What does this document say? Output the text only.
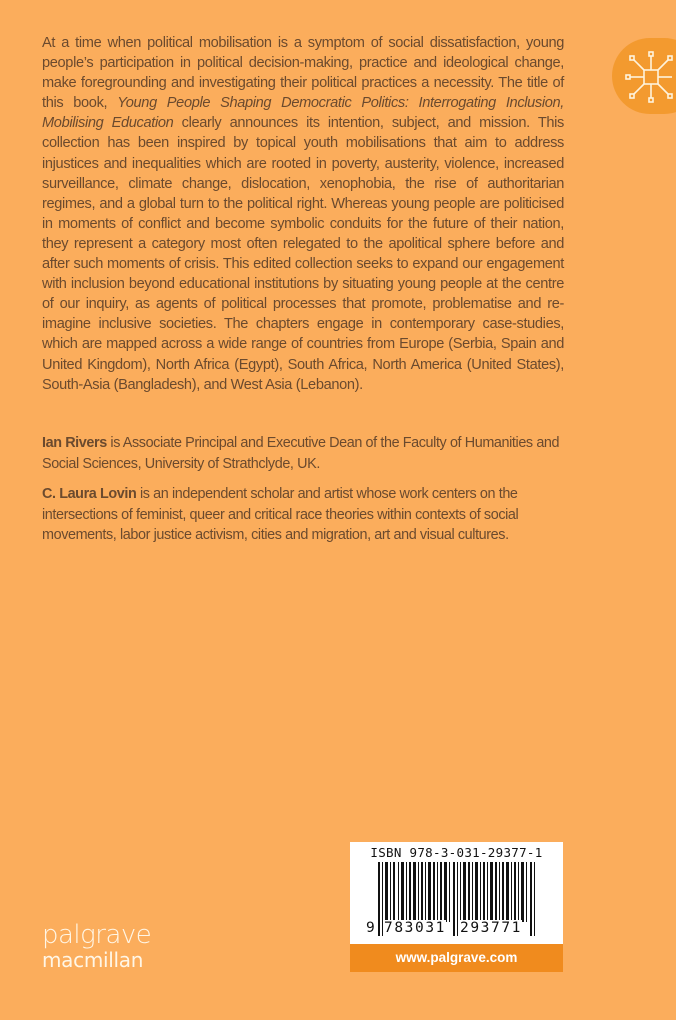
At a time when political mobilisation is a symptom of social dissatisfaction, young people’s participation in political decision-making, practice and ideological change, make foregrounding and investigating their political practices a necessity. The title of this book, Young People Shaping Democratic Politics: Interrogating Inclusion, Mobilising Education clearly announces its intention, subject, and mission. This collection has been inspired by topical youth mobilisations that aim to address injustices and inequalities which are rooted in poverty, austerity, violence, increased surveillance, climate change, dislocation, xenophobia, the rise of authoritarian regimes, and a global turn to the political right. Whereas young people are politicised in moments of conflict and become symbolic conduits for the future of their nation, they represent a category most often relegated to the apolitical sphere before and after such moments of crisis. This edited collection seeks to expand our engagement with inclusion beyond educational institutions by situating young people at the centre of our inquiry, as agents of political processes that promote, problematise and re-imagine inclusive societies. The chapters engage in contemporary case-studies, which are mapped across a wide range of countries from Europe (Serbia, Spain and United Kingdom), North Africa (Egypt), South Africa, North America (United States), South-Asia (Bangladesh), and West Asia (Lebanon).

Ian Rivers is Associate Principal and Executive Dean of the Faculty of Humanities and Social Sciences, University of Strathclyde, UK.
C. Laura Lovin is an independent scholar and artist whose work centers on the intersections of feminist, queer and critical race theories within contexts of social movements, labor justice activism, cities and migration, art and visual cultures.
palgrave
macmillan
ISBN 978-3-031-29377-1
9 783031 293771
www.palgrave.com
